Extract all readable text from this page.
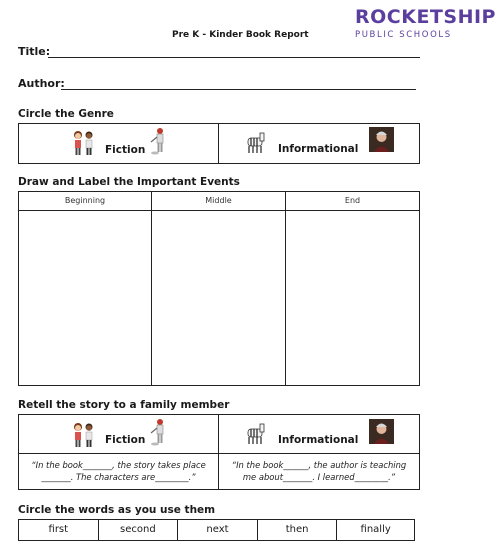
ROCKETSHIP
PUBLIC SCHOOLS
Pre K - Kinder Book Report
Title:
Author:
Circle the Genre
Fiction	Informational
Draw and Label the Important Events
Beginning	Middle	End
Retell the story to a family member
Fiction	Informational
“In the book_______, the story takes place
_______. The characters are________.”
“In the book______, the author is teaching
me about_______. I learned________.”
Circle the words as you use them
first	second	next	then	finally
